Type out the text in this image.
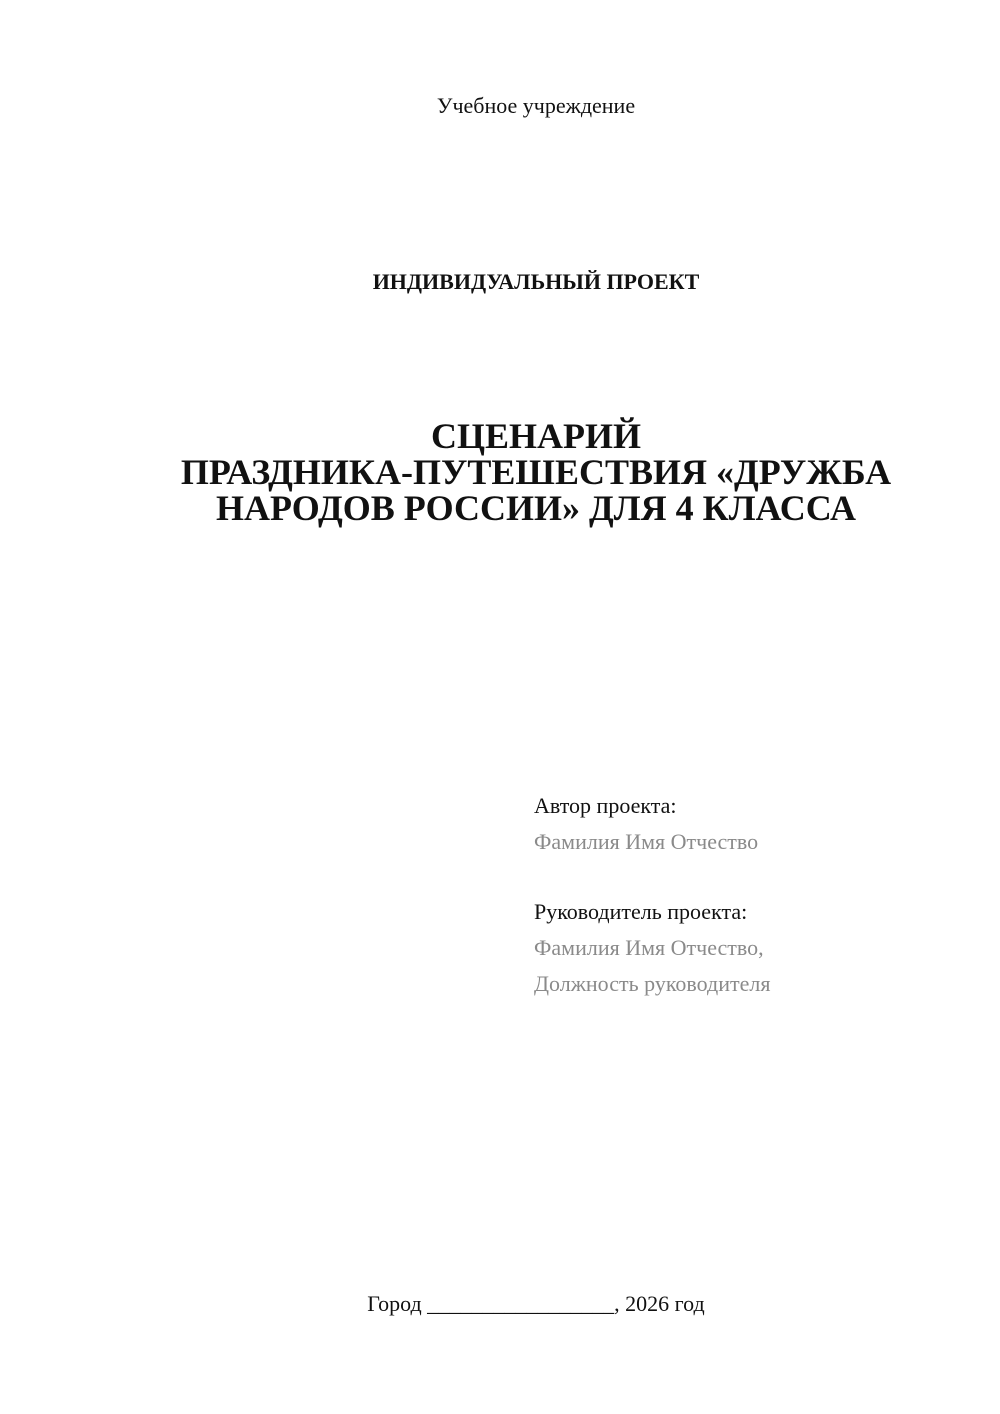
Учебное учреждение
ИНДИВИДУАЛЬНЫЙ ПРОЕКТ
СЦЕНАРИЙ
ПРАЗДНИКА-ПУТЕШЕСТВИЯ «ДРУЖБА
НАРОДОВ РОССИИ» ДЛЯ 4 КЛАССА
Автор проекта:
Фамилия Имя Отчество
Руководитель проекта:
Фамилия Имя Отчество,
Должность руководителя
Город _________________, 2026 год
